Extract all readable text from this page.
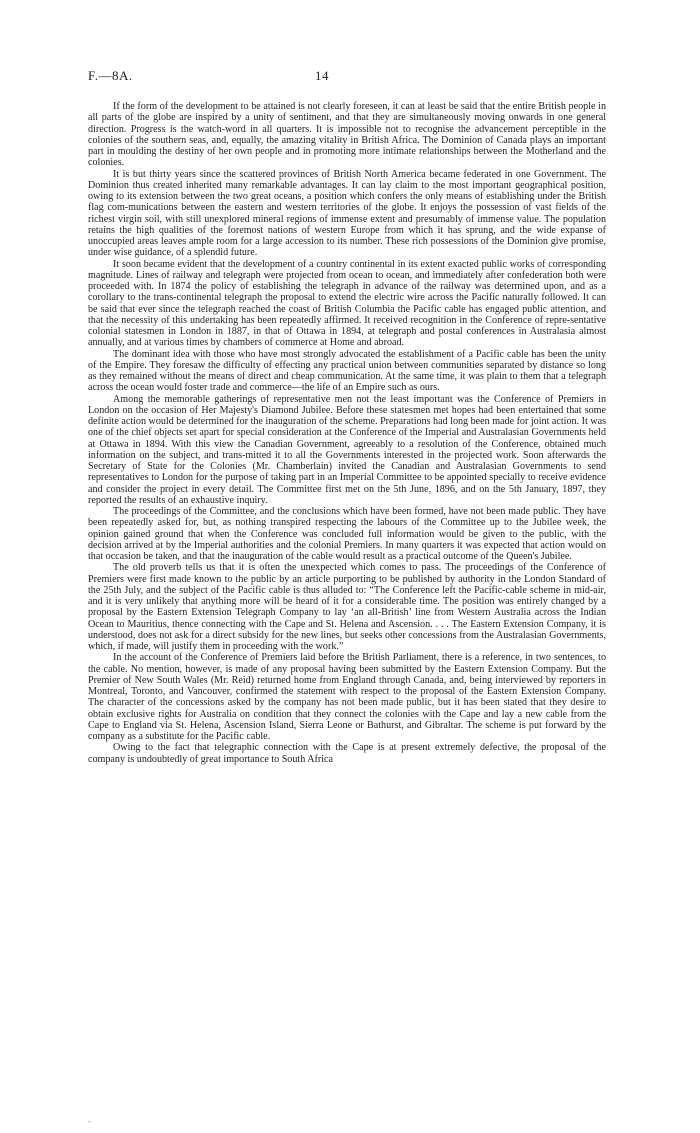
F.—8A.	14

If the form of the development to be attained is not clearly foreseen, it can at least be said that the entire British people in all parts of the globe are inspired by a unity of sentiment, and that they are simultaneously moving onwards in one general direction. Progress is the watch-word in all quarters. It is impossible not to recognise the advancement perceptible in the colonies of the southern seas, and, equally, the amazing vitality in British Africa. The Dominion of Canada plays an important part in moulding the destiny of her own people and in promoting more intimate relationships between the Motherland and the colonies.

It is but thirty years since the scattered provinces of British North America became federated in one Government. The Dominion thus created inherited many remarkable advantages. It can lay claim to the most important geographical position, owing to its extension between the two great oceans, a position which confers the only means of establishing under the British flag com-munications between the eastern and western territories of the globe. It enjoys the possession of vast fields of the richest virgin soil, with still unexplored mineral regions of immense extent and presumably of immense value. The population retains the high qualities of the foremost nations of western Europe from which it has sprung, and the wide expanse of unoccupied areas leaves ample room for a large accession to its number. These rich possessions of the Dominion give promise, under wise guidance, of a splendid future.

It soon became evident that the development of a country continental in its extent exacted public works of corresponding magnitude. Lines of railway and telegraph were projected from ocean to ocean, and immediately after confederation both were proceeded with. In 1874 the policy of establishing the telegraph in advance of the railway was determined upon, and as a corollary to the trans-continental telegraph the proposal to extend the electric wire across the Pacific naturally followed. It can be said that ever since the telegraph reached the coast of British Columbia the Pacific cable has engaged public attention, and that the necessity of this undertaking has been repeatedly affirmed. It received recognition in the Conference of repre-sentative colonial statesmen in London in 1887, in that of Ottawa in 1894, at telegraph and postal conferences in Australasia almost annually, and at various times by chambers of commerce at Home and abroad.

The dominant idea with those who have most strongly advocated the establishment of a Pacific cable has been the unity of the Empire. They foresaw the difficulty of effecting any practical union between communities separated by distance so long as they remained without the means of direct and cheap communication. At the same time, it was plain to them that a telegraph across the ocean would foster trade and commerce—the life of an Empire such as ours.

Among the memorable gatherings of representative men not the least important was the Conference of Premiers in London on the occasion of Her Majesty's Diamond Jubilee. Before these statesmen met hopes had been entertained that some definite action would be determined for the inauguration of the scheme. Preparations had long been made for joint action. It was one of the chief objects set apart for special consideration at the Conference of the Imperial and Australasian Governments held at Ottawa in 1894. With this view the Canadian Government, agreeably to a resolution of the Conference, obtained much information on the subject, and trans-mitted it to all the Governments interested in the projected work. Soon afterwards the Secretary of State for the Colonies (Mr. Chamberlain) invited the Canadian and Australasian Governments to send representatives to London for the purpose of taking part in an Imperial Committee to be appointed specially to receive evidence and consider the project in every detail. The Committee first met on the 5th June, 1896, and on the 5th January, 1897, they reported the results of an exhaustive inquiry.

The proceedings of the Committee, and the conclusions which have been formed, have not been made public. They have been repeatedly asked for, but, as nothing transpired respecting the labours of the Committee up to the Jubilee week, the opinion gained ground that when the Conference was concluded full information would be given to the public, with the decision arrived at by the Imperial authorities and the colonial Premiers. In many quarters it was expected that action would on that occasion be taken, and that the inauguration of the cable would result as a practical outcome of the Queen's Jubilee.

The old proverb tells us that it is often the unexpected which comes to pass. The proceedings of the Conference of Premiers were first made known to the public by an article purporting to be published by authority in the London Standard of the 25th July, and the subject of the Pacific cable is thus alluded to: “The Conference left the Pacific-cable scheme in mid-air, and it is very unlikely that anything more will be heard of it for a considerable time. The position was entirely changed by a proposal by the Eastern Extension Telegraph Company to lay ‘an all-British’ line from Western Australia across the Indian Ocean to Mauritius, thence connecting with the Cape and St. Helena and Ascension. . . . The Eastern Extension Company, it is understood, does not ask for a direct subsidy for the new lines, but seeks other concessions from the Australasian Governments, which, if made, will justify them in proceeding with the work.”

In the account of the Conference of Premiers laid before the British Parliament, there is a reference, in two sentences, to the cable. No mention, however, is made of any proposal having been submitted by the Eastern Extension Company. But the Premier of New South Wales (Mr. Reid) returned home from England through Canada, and, being interviewed by reporters in Montreal, Toronto, and Vancouver, confirmed the statement with respect to the proposal of the Eastern Extension Company. The character of the concessions asked by the company has not been made public, but it has been stated that they desire to obtain exclusive rights for Australia on condition that they connect the colonies with the Cape and lay a new cable from the Cape to England via St. Helena, Ascension Island, Sierra Leone or Bathurst, and Gibraltar. The scheme is put forward by the company as a substitute for the Pacific cable.

Owing to the fact that telegraphic connection with the Cape is at present extremely defective, the proposal of the company is undoubtedly of great importance to South Africa

-
